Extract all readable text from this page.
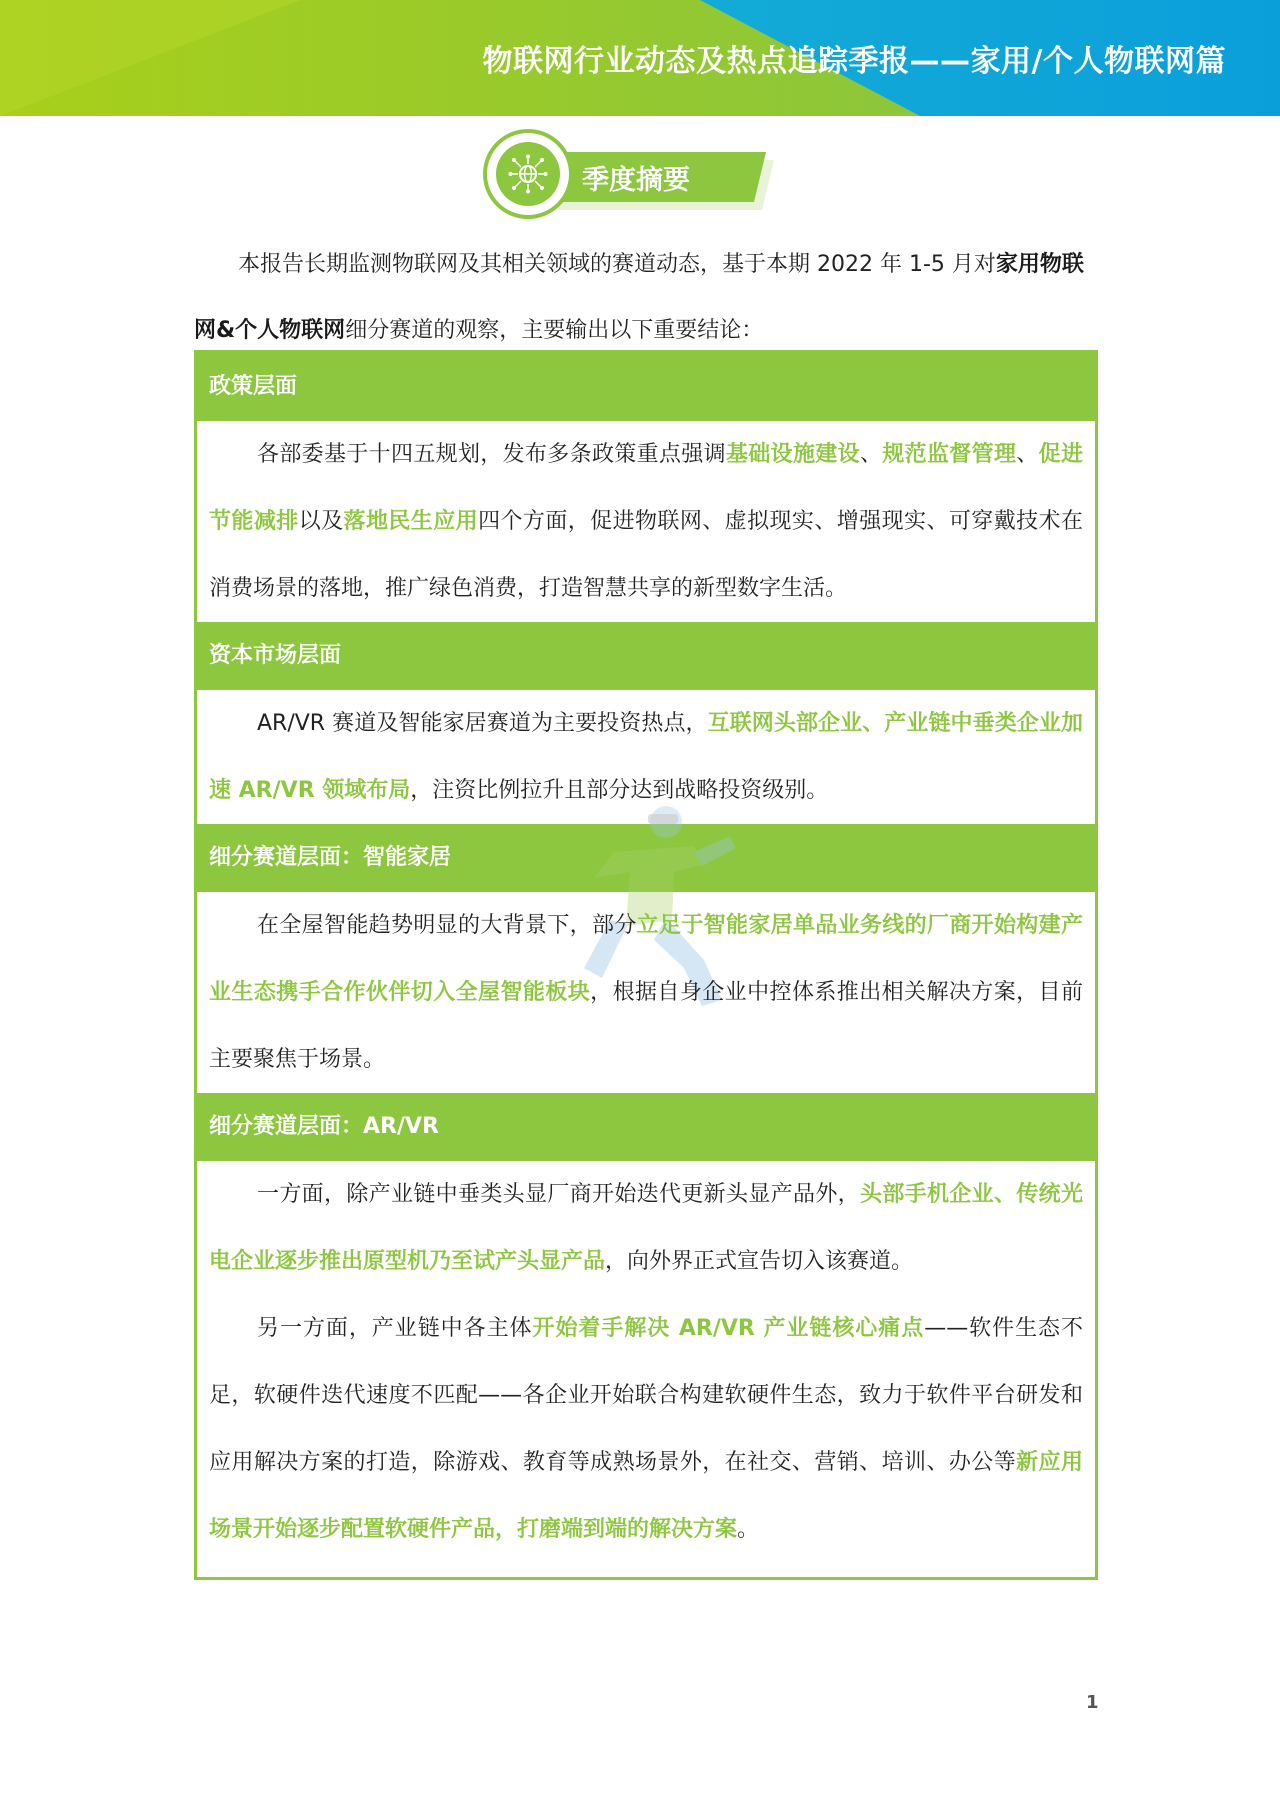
物联网行业动态及热点追踪季报——家用/个人物联网篇
季度摘要

本报告长期监测物联网及其相关领域的赛道动态，基于本期 2022 年 1-5 月对家用物联网&个人物联网细分赛道的观察，主要输出以下重要结论：

政策层面

各部委基于十四五规划，发布多条政策重点强调基础设施建设、规范监督管理、促进节能减排以及落地民生应用四个方面，促进物联网、虚拟现实、增强现实、可穿戴技术在消费场景的落地，推广绿色消费，打造智慧共享的新型数字生活。

资本市场层面

AR/VR 赛道及智能家居赛道为主要投资热点，互联网头部企业、产业链中垂类企业加速 AR/VR 领域布局，注资比例拉升且部分达到战略投资级别。

细分赛道层面：智能家居

在全屋智能趋势明显的大背景下，部分立足于智能家居单品业务线的厂商开始构建产业生态携手合作伙伴切入全屋智能板块，根据自身企业中控体系推出相关解决方案，目前主要聚焦于场景。

细分赛道层面：AR/VR

一方面，除产业链中垂类头显厂商开始迭代更新头显产品外，头部手机企业、传统光电企业逐步推出原型机乃至试产头显产品，向外界正式宣告切入该赛道。

另一方面，产业链中各主体开始着手解决 AR/VR 产业链核心痛点——软件生态不足，软硬件迭代速度不匹配——各企业开始联合构建软硬件生态，致力于软件平台研发和应用解决方案的打造，除游戏、教育等成熟场景外，在社交、营销、培训、办公等新应用场景开始逐步配置软硬件产品，打磨端到端的解决方案。

1
